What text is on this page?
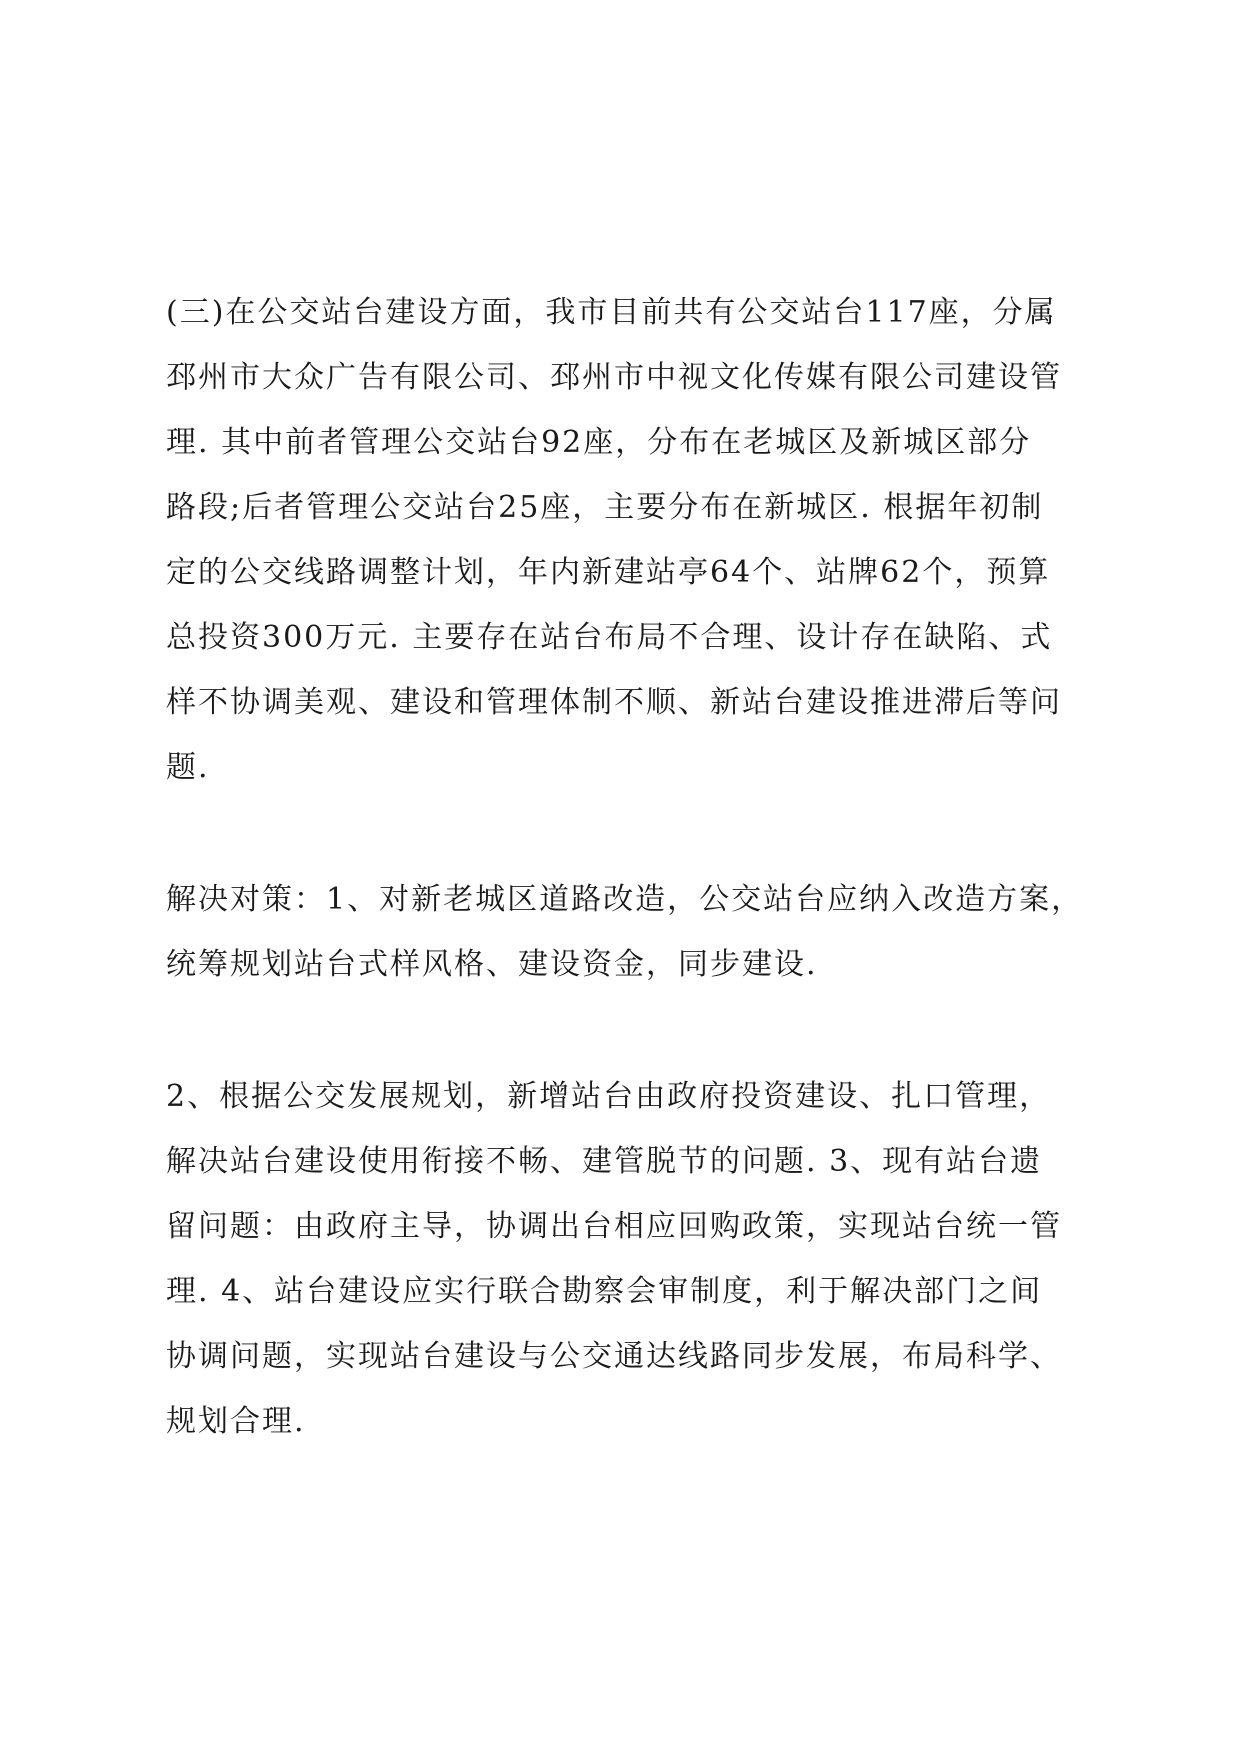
(三)在公交站台建设方面，我市目前共有公交站台117座，分属
邳州市大众广告有限公司、邳州市中视文化传媒有限公司建设管
理. 其中前者管理公交站台92座，分布在老城区及新城区部分
路段;后者管理公交站台25座，主要分布在新城区. 根据年初制
定的公交线路调整计划，年内新建站亭64个、站牌62个，预算
总投资300万元. 主要存在站台布局不合理、设计存在缺陷、式
样不协调美观、建设和管理体制不顺、新站台建设推进滞后等问
题.

解决对策：1、对新老城区道路改造，公交站台应纳入改造方案，
统筹规划站台式样风格、建设资金，同步建设.

2、根据公交发展规划，新增站台由政府投资建设、扎口管理，
解决站台建设使用衔接不畅、建管脱节的问题. 3、现有站台遗
留问题：由政府主导，协调出台相应回购政策，实现站台统一管
理. 4、站台建设应实行联合勘察会审制度，利于解决部门之间
协调问题，实现站台建设与公交通达线路同步发展，布局科学、
规划合理.
